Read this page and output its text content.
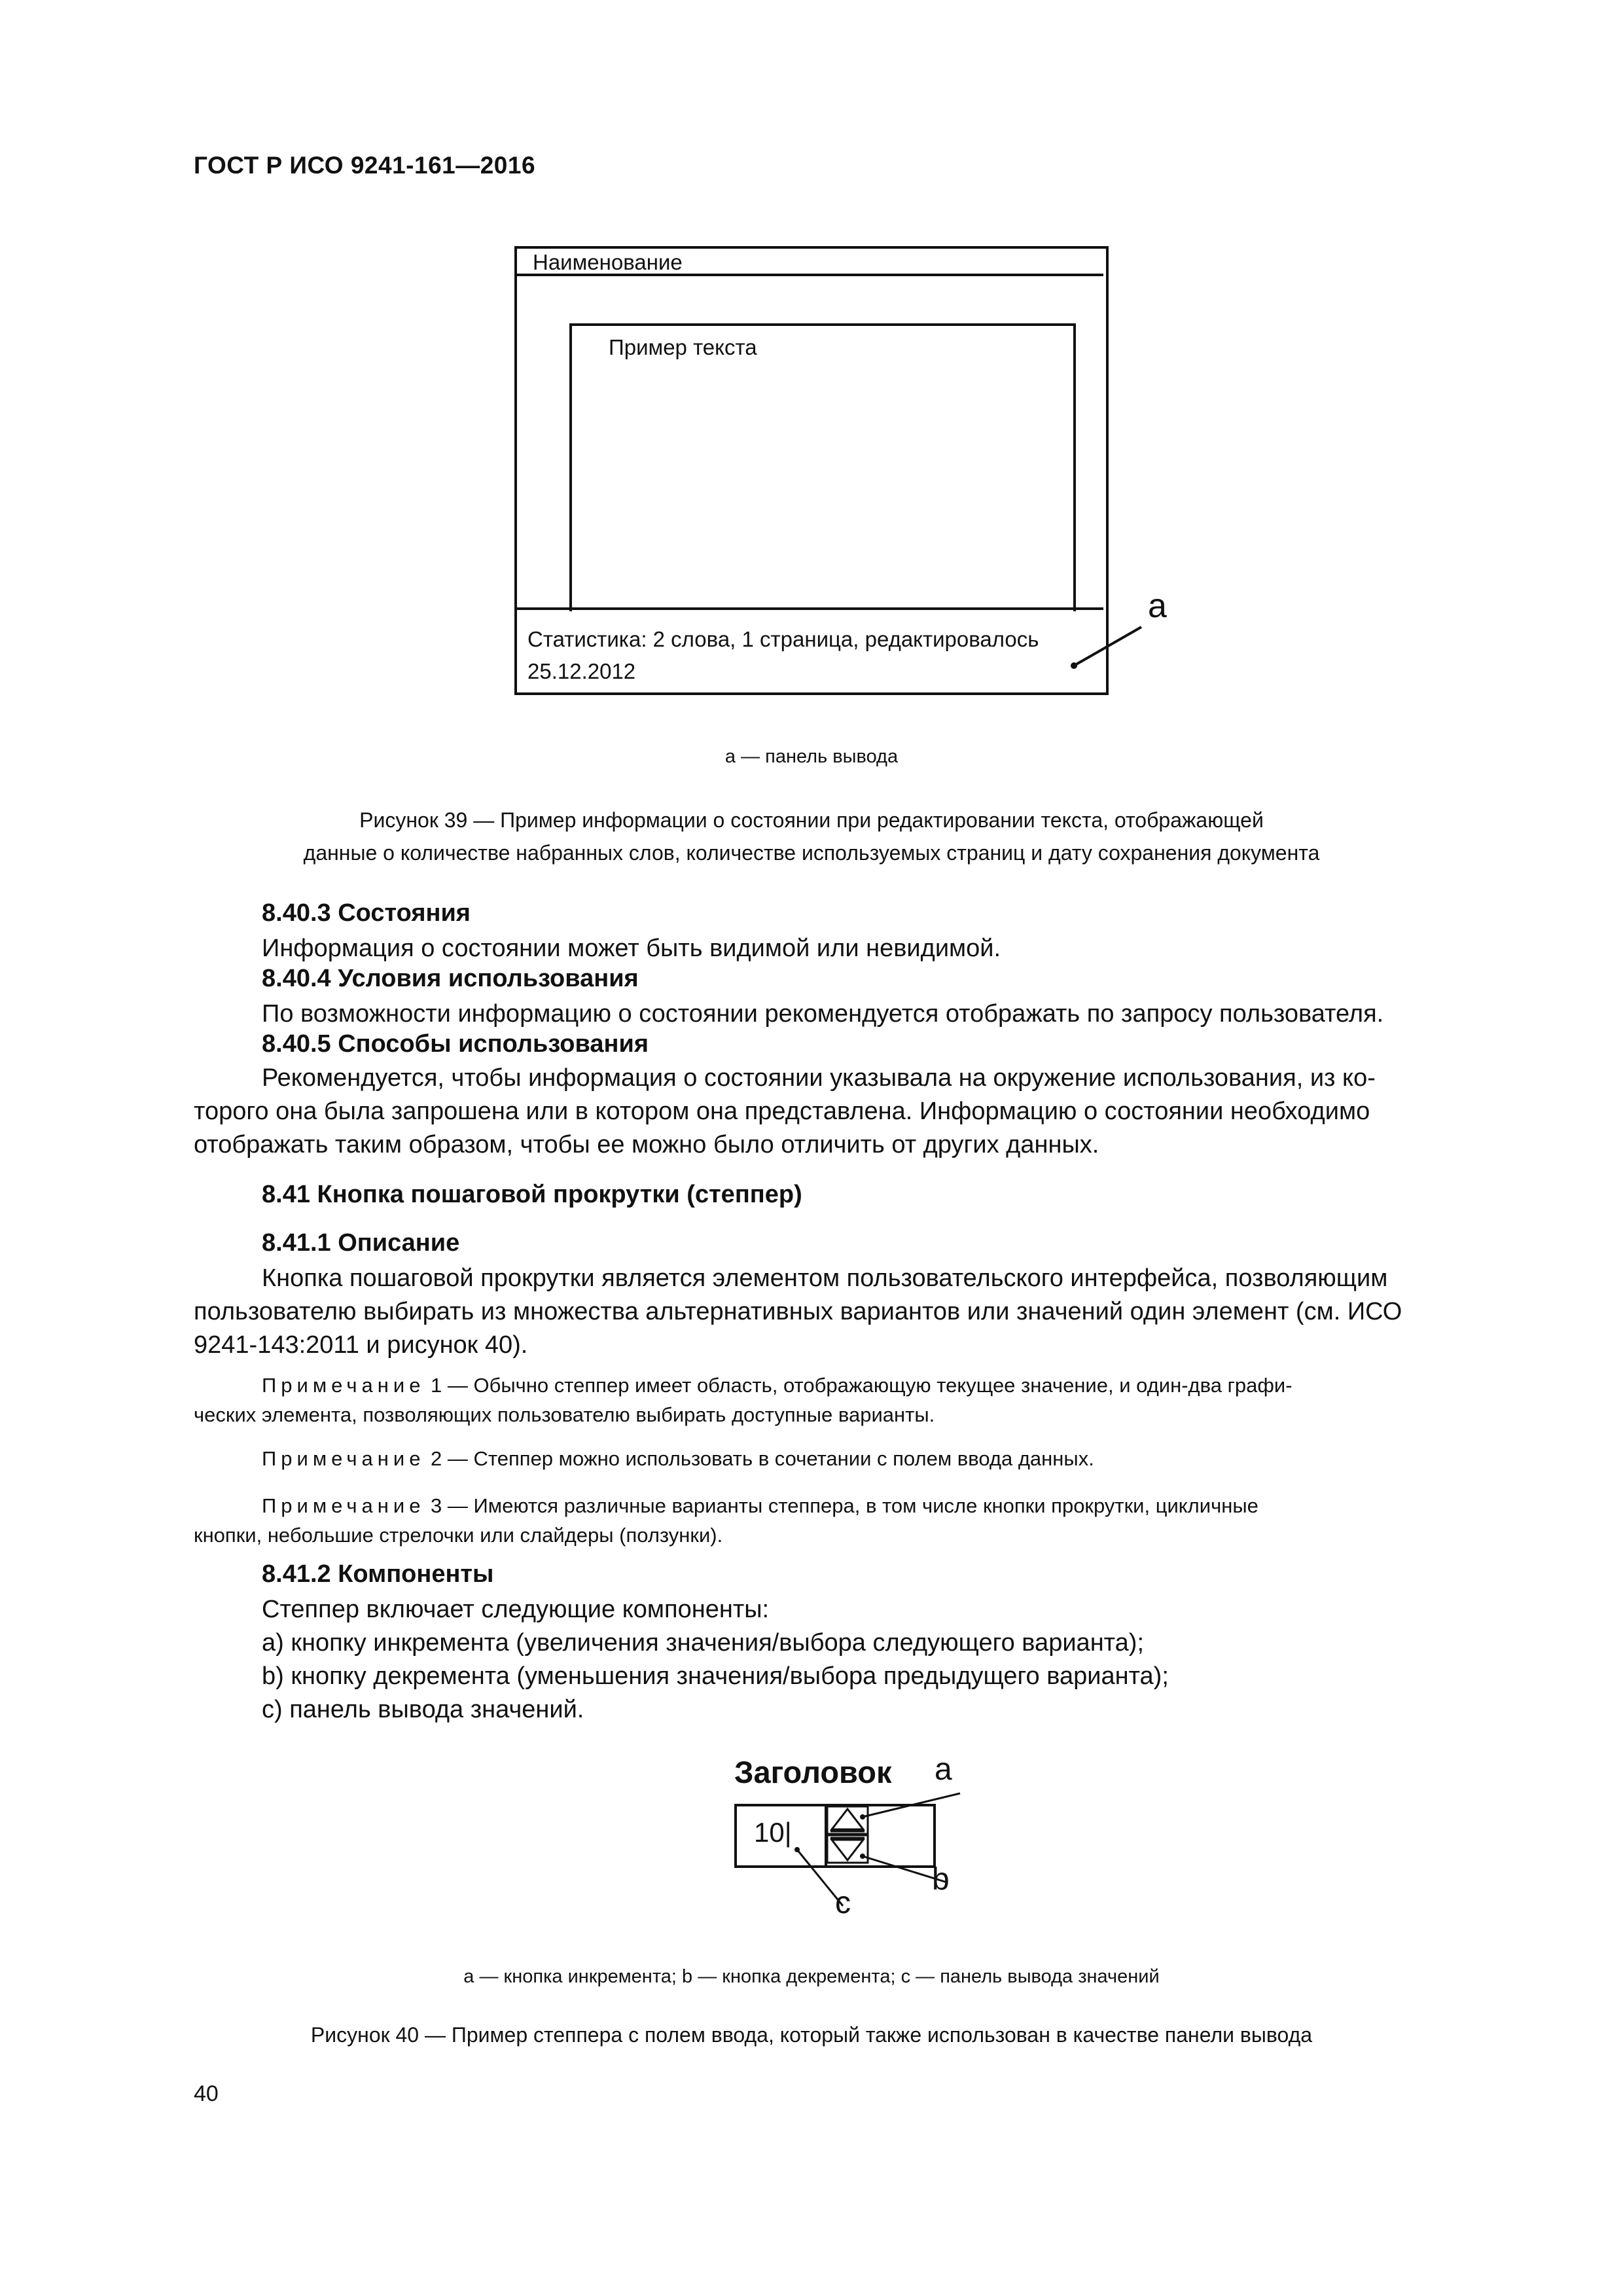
ГОСТ Р ИСО 9241-161—2016
Наименование
Пример текста
Статистика: 2 слова, 1 страница, редактировалось
25.12.2012
a
a — панель вывода
Рисунок 39 — Пример информации о состоянии при редактировании текста, отображающей
данные о количестве набранных слов, количестве используемых страниц и дату сохранения документа
8.40.3 Состояния
Информация о состоянии может быть видимой или невидимой.
8.40.4 Условия использования
По возможности информацию о состоянии рекомендуется отображать по запросу пользователя.
8.40.5 Способы использования
Рекомендуется, чтобы информация о состоянии указывала на окружение использования, из ко-
торого она была запрошена или в котором она представлена. Информацию о состоянии необходимо
отображать таким образом, чтобы ее можно было отличить от других данных.
8.41 Кнопка пошаговой прокрутки (степпер)
8.41.1 Описание
Кнопка пошаговой прокрутки является элементом пользовательского интерфейса, позволяющим
пользователю выбирать из множества альтернативных вариантов или значений один элемент (см. ИСО
9241-143:2011 и рисунок 40).
Примечание 1 — Обычно степпер имеет область, отображающую текущее значение, и один-два графи-
ческих элемента, позволяющих пользователю выбирать доступные варианты.
Примечание 2 — Степпер можно использовать в сочетании с полем ввода данных.
Примечание 3 — Имеются различные варианты степпера, в том числе кнопки прокрутки, цикличные
кнопки, небольшие стрелочки или слайдеры (ползунки).
8.41.2 Компоненты
Степпер включает следующие компоненты:
a) кнопку инкремента (увеличения значения/выбора следующего варианта);
b) кнопку декремента (уменьшения значения/выбора предыдущего варианта);
c) панель вывода значений.
Заголовок
10|
a
b
c
a — кнопка инкремента; b — кнопка декремента; c — панель вывода значений
Рисунок 40 — Пример степпера с полем ввода, который также использован в качестве панели вывода
40
